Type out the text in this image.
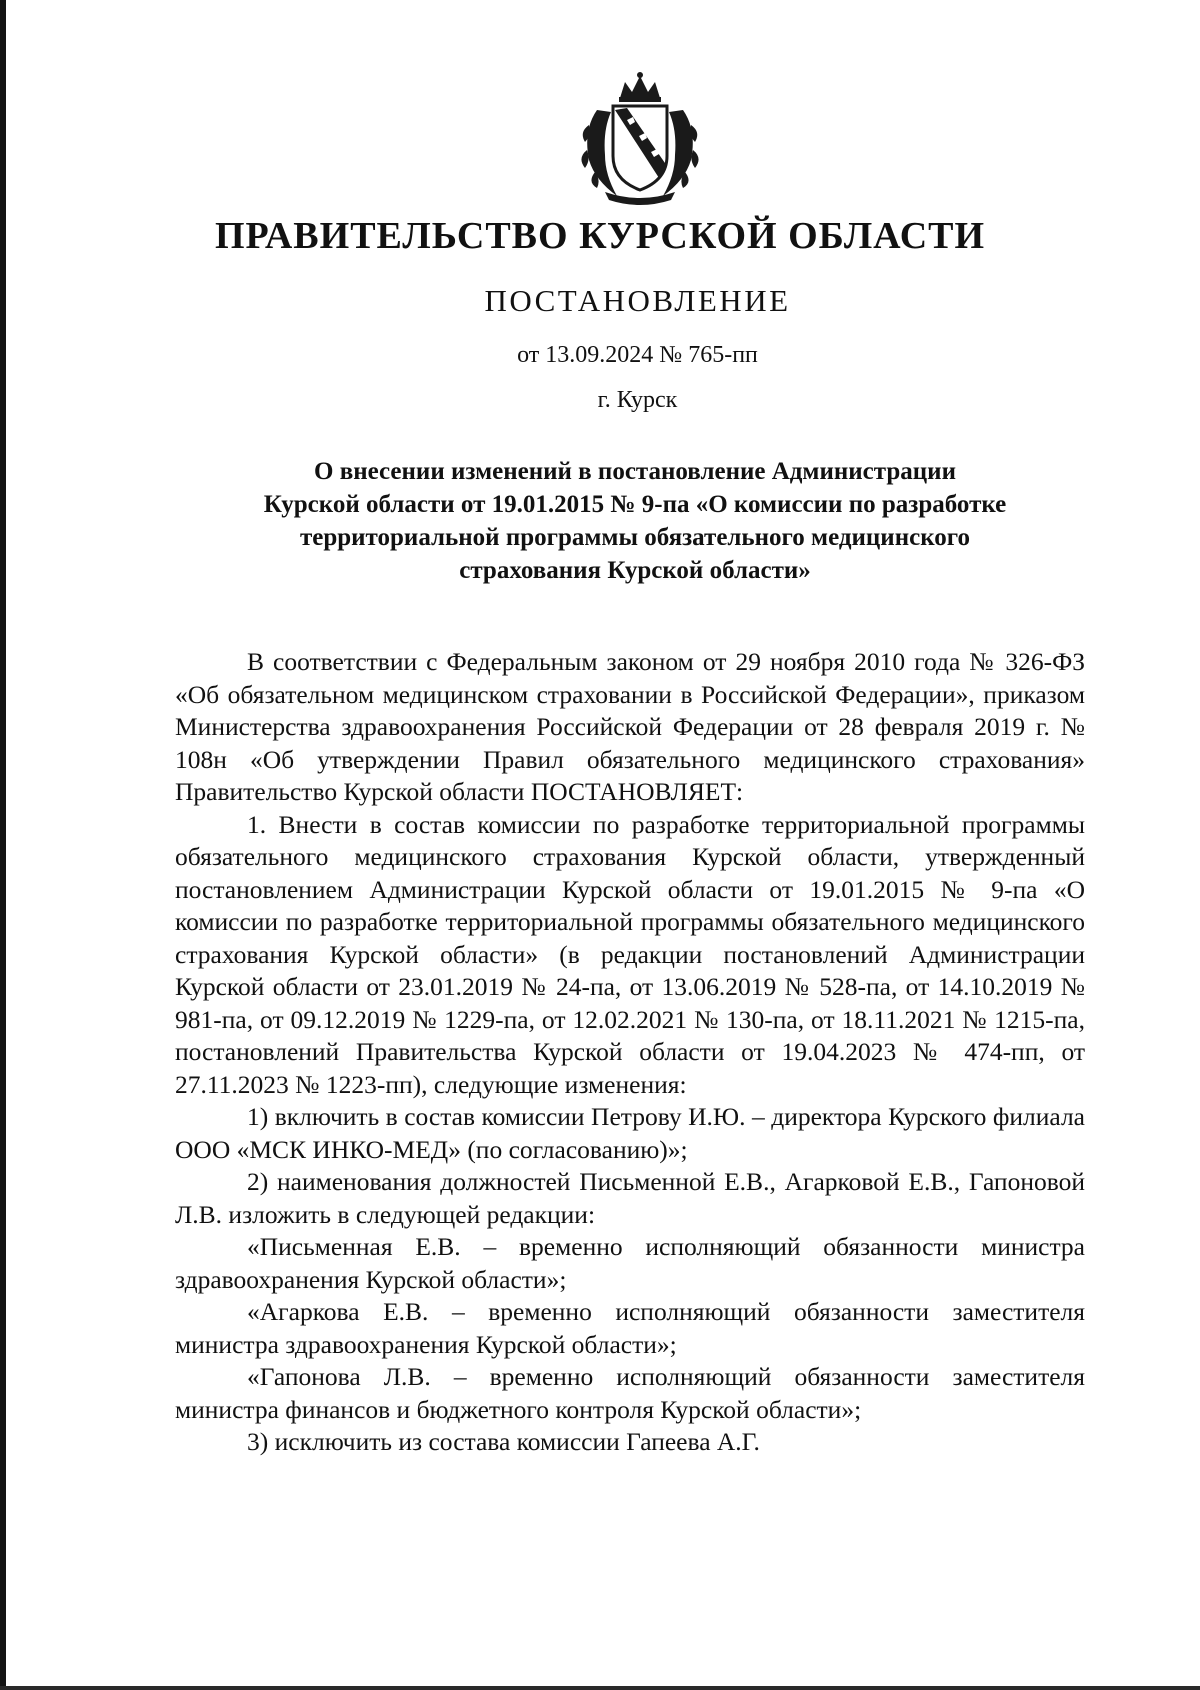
ПРАВИТЕЛЬСТВО КУРСКОЙ ОБЛАСТИ
ПОСТАНОВЛЕНИЕ
от 13.09.2024 № 765-пп
г. Курск
О внесении изменений в постановление Администрации
Курской области от 19.01.2015 № 9-па «О комиссии по разработке
территориальной программы обязательного медицинского
страхования Курской области»

В соответствии с Федеральным законом от 29 ноября 2010 года № 326-ФЗ «Об обязательном медицинском страховании в Российской Федерации», приказом Министерства здравоохранения Российской Федерации от 28 февраля 2019 г. № 108н «Об утверждении Правил обязательного медицинского страхования» Правительство Курской области ПОСТАНОВЛЯЕТ:

1. Внести в состав комиссии по разработке территориальной программы обязательного медицинского страхования Курской области, утвержденный постановлением Администрации Курской области от 19.01.2015 № 9-па «О комиссии по разработке территориальной программы обязательного медицинского страхования Курской области» (в редакции постановлений Администрации Курской области от 23.01.2019 № 24-па, от 13.06.2019 № 528-па, от 14.10.2019 № 981-па, от 09.12.2019 № 1229-па, от 12.02.2021 № 130-па, от 18.11.2021 № 1215-па, постановлений Правительства Курской области от 19.04.2023 № 474-пп, от 27.11.2023 № 1223-пп), следующие изменения:

1) включить в состав комиссии Петрову И.Ю. – директора Курского филиала ООО «МСК ИНКО-МЕД» (по согласованию)»;

2) наименования должностей Письменной Е.В., Агарковой Е.В., Гапоновой Л.В. изложить в следующей редакции:

«Письменная Е.В. – временно исполняющий обязанности министра здравоохранения Курской области»;

«Агаркова Е.В. – временно исполняющий обязанности заместителя министра здравоохранения Курской области»;

«Гапонова Л.В. – временно исполняющий обязанности заместителя министра финансов и бюджетного контроля Курской области»;

3) исключить из состава комиссии Гапеева А.Г.
